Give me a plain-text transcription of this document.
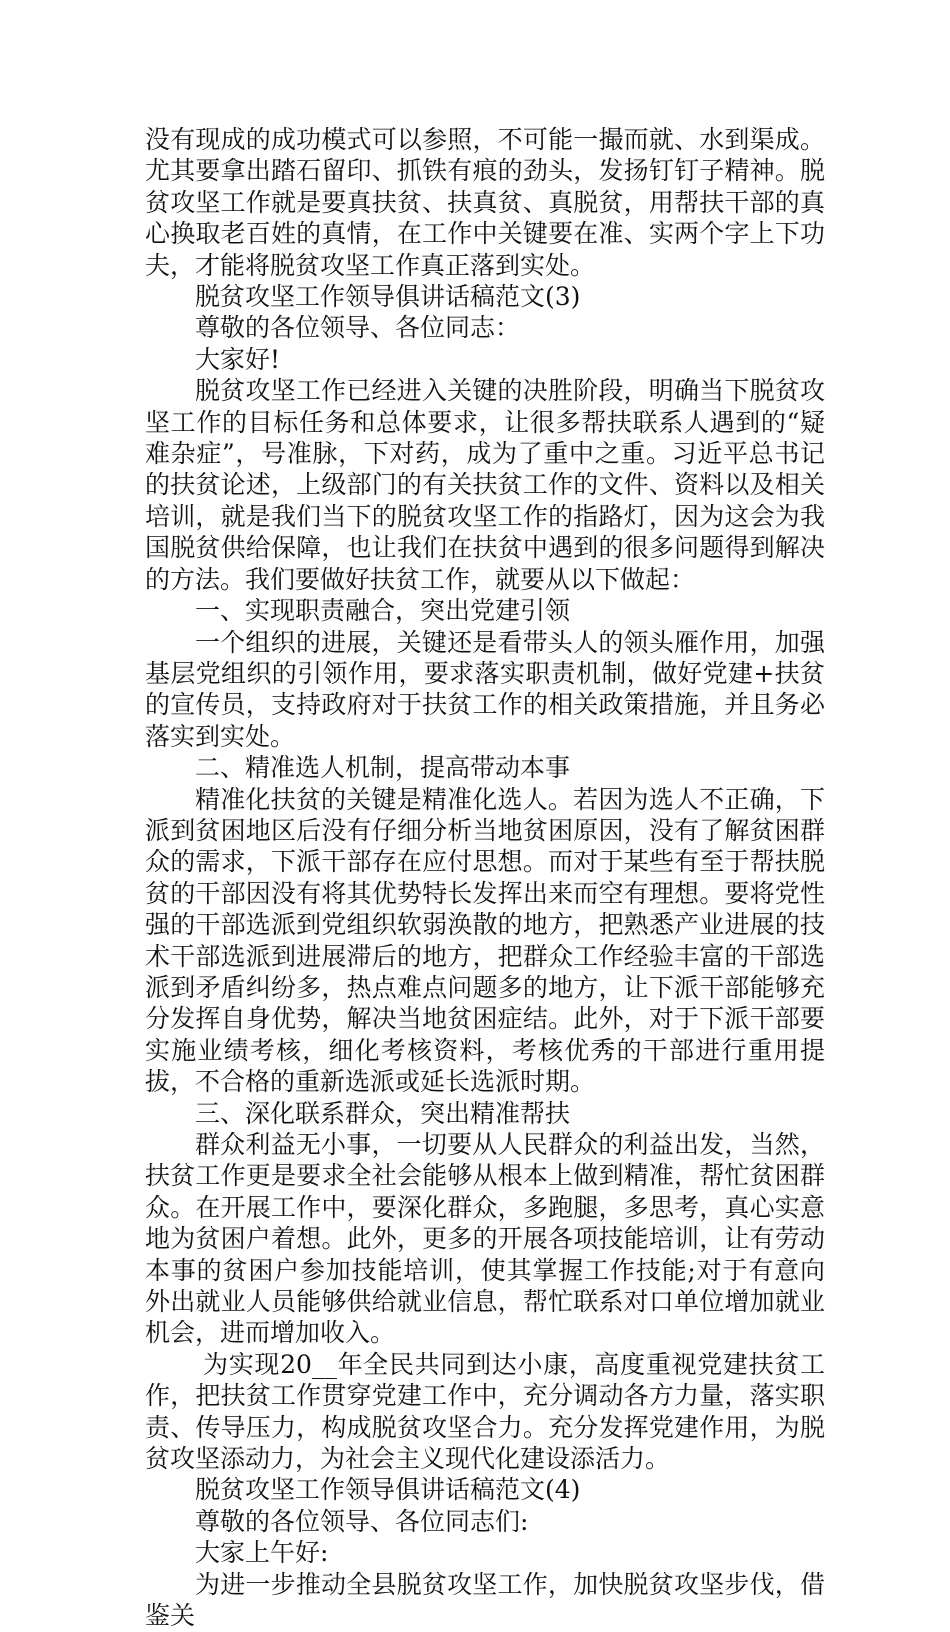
没有现成的成功模式可以参照，不可能一撮而就、水到渠成。尤其要拿出踏石留印、抓铁有痕的劲头，发扬钉钉子精神。脱贫攻坚工作就是要真扶贫、扶真贫、真脱贫，用帮扶干部的真心换取老百姓的真情，在工作中关键要在准、实两个字上下功夫，才能将脱贫攻坚工作真正落到实处。

脱贫攻坚工作领导俱讲话稿范文(3)

尊敬的各位领导、各位同志：

大家好!

脱贫攻坚工作已经进入关键的决胜阶段，明确当下脱贫攻坚工作的目标任务和总体要求，让很多帮扶联系人遇到的“疑难杂症”，号准脉，下对药，成为了重中之重。习近平总书记的扶贫论述，上级部门的有关扶贫工作的文件、资料以及相关培训，就是我们当下的脱贫攻坚工作的指路灯，因为这会为我国脱贫供给保障，也让我们在扶贫中遇到的很多问题得到解决的方法。我们要做好扶贫工作，就要从以下做起：

一、实现职责融合，突出党建引领

一个组织的进展，关键还是看带头人的领头雁作用，加强基层党组织的引领作用，要求落实职责机制，做好党建+扶贫的宣传员，支持政府对于扶贫工作的相关政策措施，并且务必落实到实处。

二、精准选人机制，提高带动本事

精准化扶贫的关键是精准化选人。若因为选人不正确，下派到贫困地区后没有仔细分析当地贫困原因，没有了解贫困群众的需求，下派干部存在应付思想。而对于某些有至于帮扶脱贫的干部因没有将其优势特长发挥出来而空有理想。要将党性强的干部选派到党组织软弱涣散的地方，把熟悉产业进展的技术干部选派到进展滞后的地方，把群众工作经验丰富的干部选派到矛盾纠纷多，热点难点问题多的地方，让下派干部能够充分发挥自身优势，解决当地贫困症结。此外，对于下派干部要实施业绩考核，细化考核资料，考核优秀的干部进行重用提拔，不合格的重新选派或延长选派时期。

三、深化联系群众，突出精准帮扶

群众利益无小事，一切要从人民群众的利益出发，当然，扶贫工作更是要求全社会能够从根本上做到精准，帮忙贫困群众。在开展工作中，要深化群众，多跑腿，多思考，真心实意地为贫困户着想。此外，更多的开展各项技能培训，让有劳动本事的贫困户参加技能培训，使其掌握工作技能;对于有意向外出就业人员能够供给就业信息，帮忙联系对口单位增加就业机会，进而增加收入。

为实现20__年全民共同到达小康，高度重视党建扶贫工作，把扶贫工作贯穿党建工作中，充分调动各方力量，落实职责、传导压力，构成脱贫攻坚合力。充分发挥党建作用，为脱贫攻坚添动力，为社会主义现代化建设添活力。

脱贫攻坚工作领导俱讲话稿范文(4)

尊敬的各位领导、各位同志们:

大家上午好:

为进一步推动全县脱贫攻坚工作，加快脱贫攻坚步伐，借鉴关
